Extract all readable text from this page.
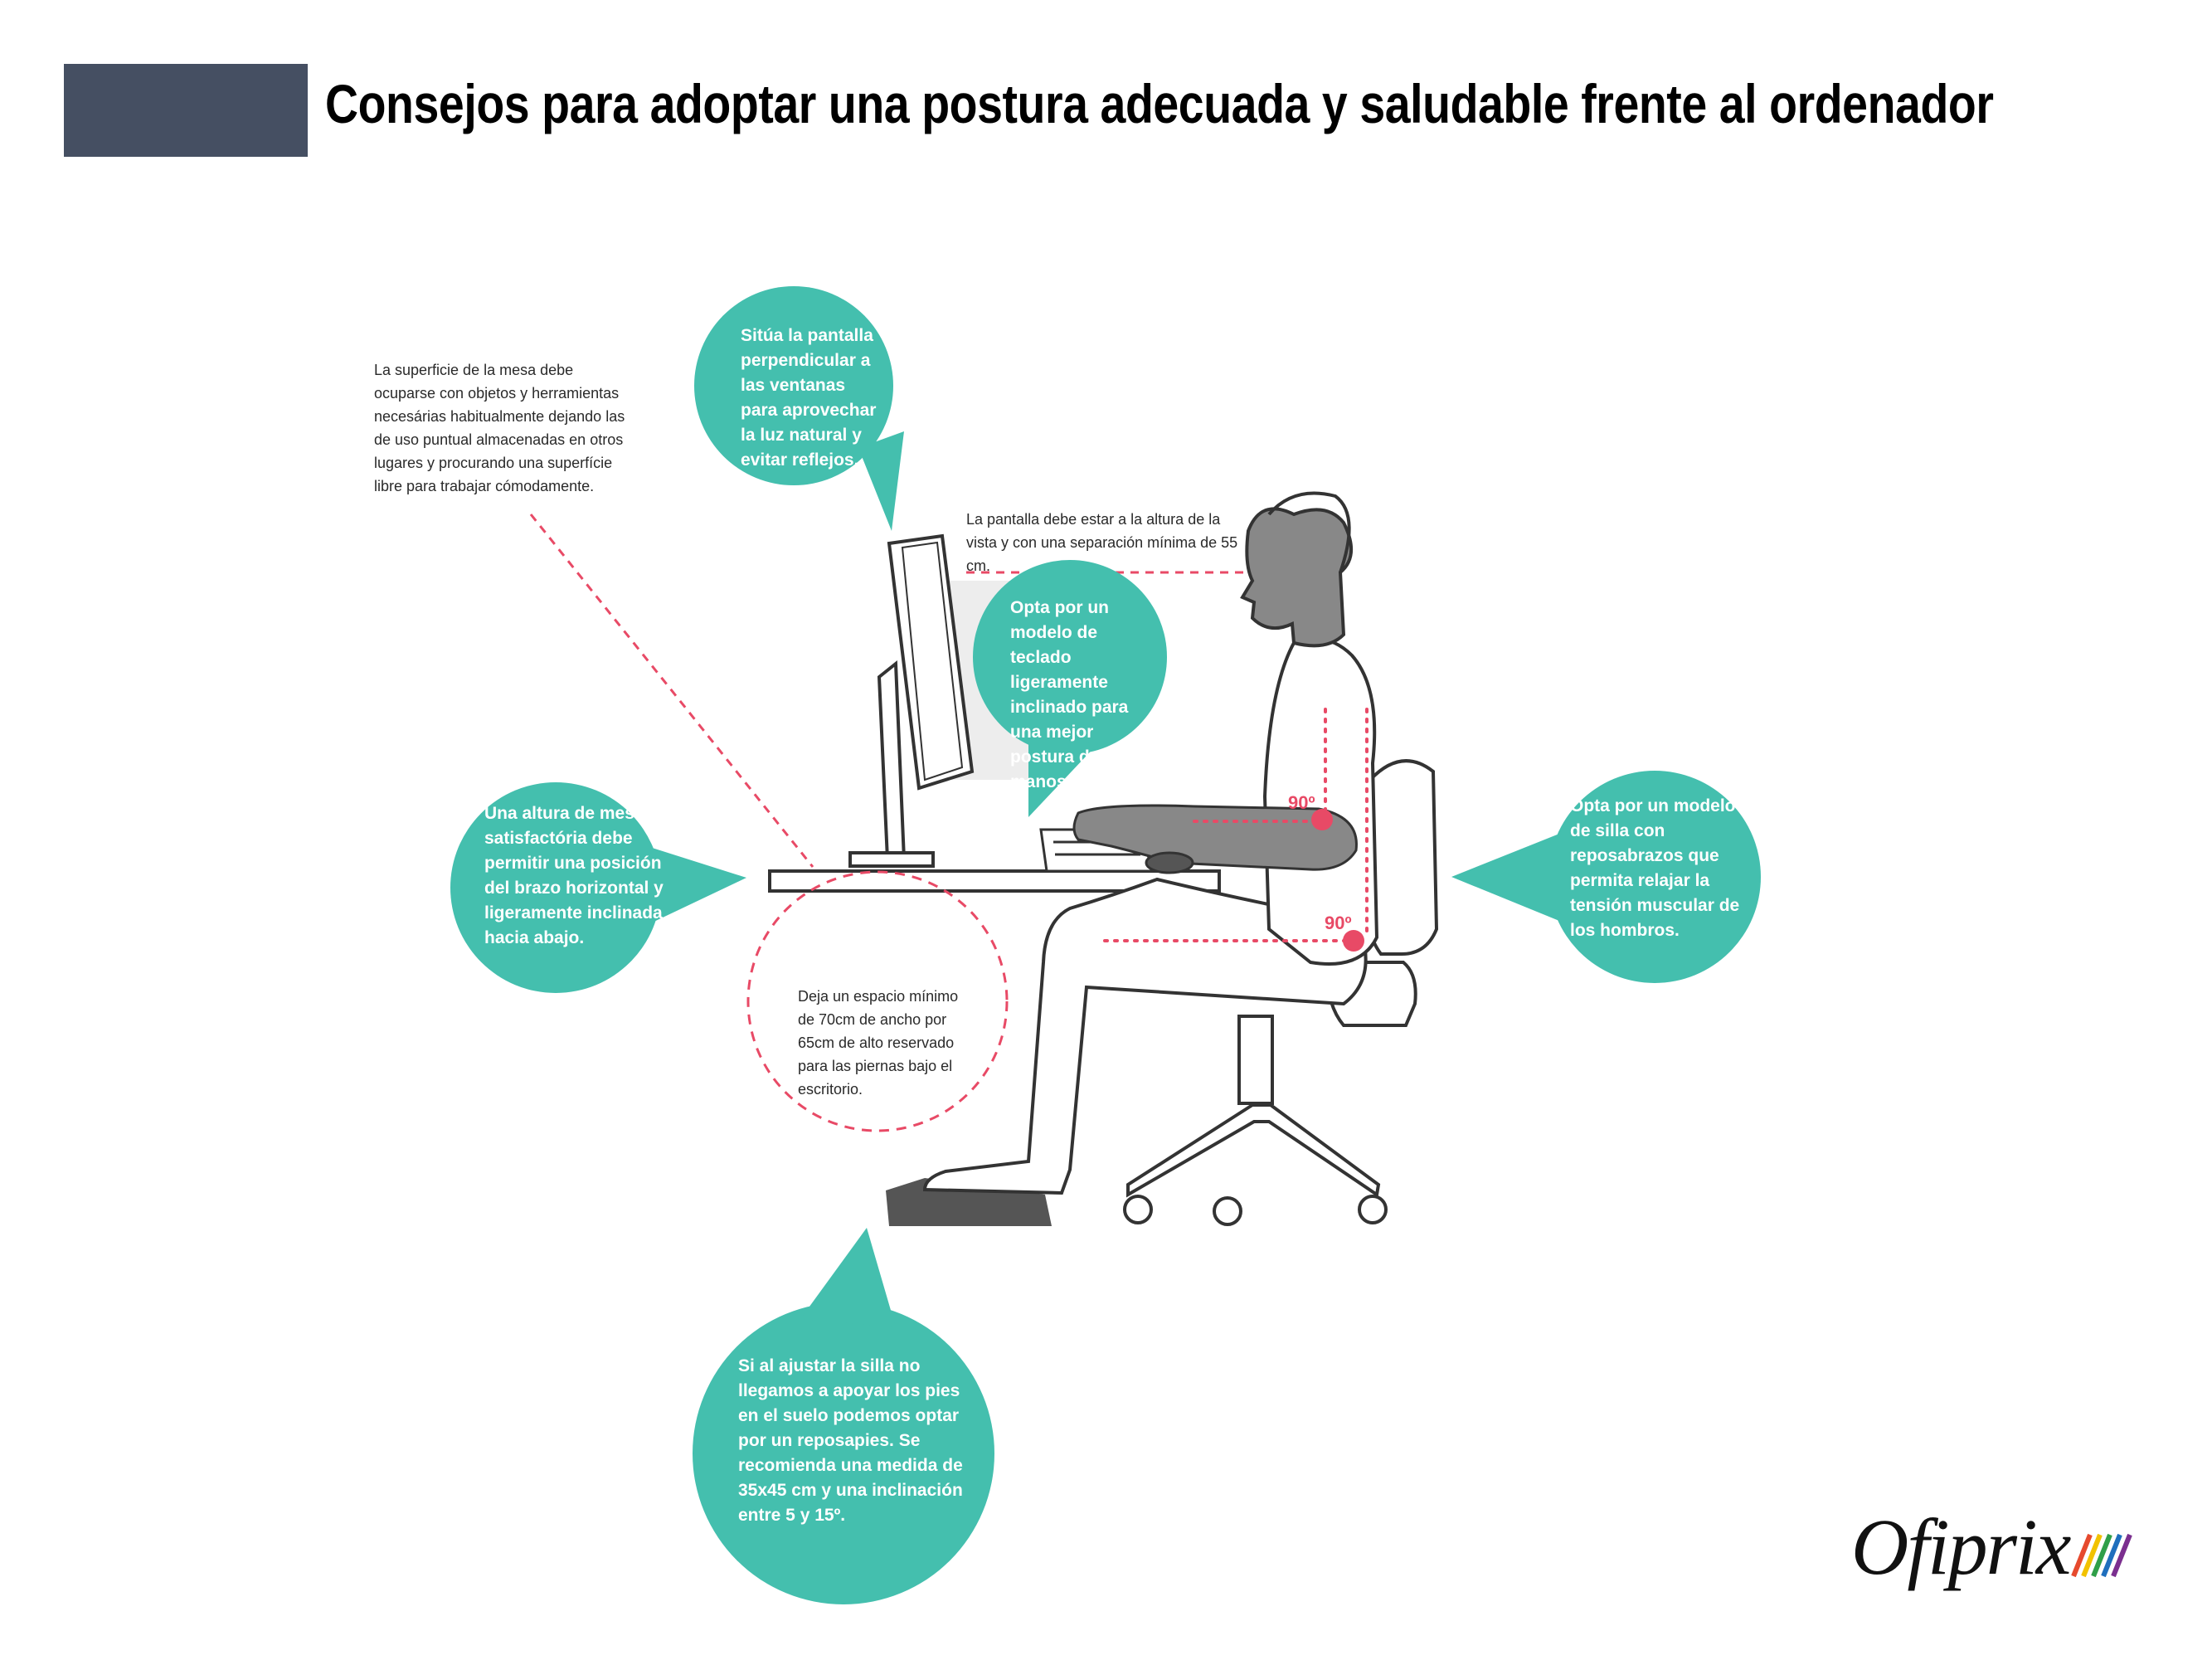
Consejos para adoptar una postura adecuada y saludable frente al ordenador

La superficie de la mesa debe ocuparse con objetos y herramientas necesárias habitualmente dejando las de uso puntual almacenadas en otros lugares y procurando una superfície libre para trabajar cómodamente.

La pantalla debe estar a la altura de la vista y con una separación mínima de 55 cm.

Deja un espacio mínimo de 70cm de ancho por 65cm de alto reservado para las piernas bajo el escritorio.

Sitúa la pantalla perpendicular a las ventanas para aprovechar la luz natural y evitar reflejos.

Opta por un modelo de teclado ligeramente inclinado para una mejor postura de las manos.

Una altura de mesa satisfactória debe permitir una posición del brazo horizontal y ligeramente inclinada hacia abajo.

Opta por un modelo de silla con reposabrazos que permita relajar la tensión muscular de los hombros.

Si al ajustar la silla no llegamos a apoyar los pies en el suelo podemos optar por un reposapies. Se recomienda una medida de 35x45 cm y una inclinación entre 5 y 15º.

90º
90º
Ofiprix
